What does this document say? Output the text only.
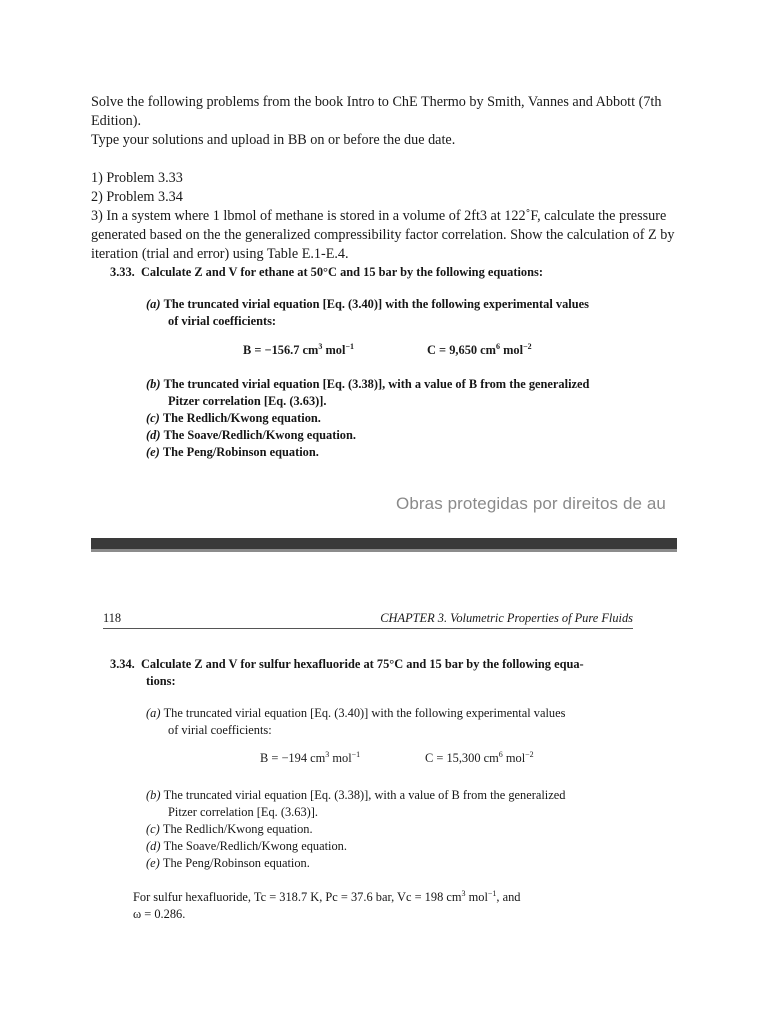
Solve the following problems from the book Intro to ChE Thermo by Smith, Vannes and Abbott (7th Edition).

Type your solutions and upload in BB on or before the due date.

1) Problem 3.33

2) Problem 3.34

3) In a system where 1 lbmol of methane is stored in a volume of 2ft3 at 122˚F, calculate the pressure generated based on the the generalized compressibility factor correlation. Show the calculation of Z by iteration (trial and error) using Table E.1-E.4.

3.33. Calculate Z and V for ethane at 50°C and 15 bar by the following equations:
(a) The truncated virial equation [Eq. (3.40)] with the following experimental values
of virial coefficients:
B = −156.7 $cm^3$ mol$^{-1}$	C = 9,650 $cm^6$ mol$^{-2}$
(b) The truncated virial equation [Eq. (3.38)], with a value of B from the generalized
Pitzer correlation [Eq. (3.63)].
(c) The Redlich/Kwong equation.
(d) The Soave/Redlich/Kwong equation.
(e) The Peng/Robinson equation.
Obras protegidas por direitos de au
118	CHAPTER 3. Volumetric Properties of Pure Fluids
3.34. Calculate Z and V for sulfur hexafluoride at 75°C and 15 bar by the following equa-
tions:
(a) The truncated virial equation [Eq. (3.40)] with the following experimental values
of virial coefficients:
B = −194 $cm^3$ mol$^{-1}$	C = 15,300 $cm^6$ mol$^{-2}$
(b) The truncated virial equation [Eq. (3.38)], with a value of B from the generalized
Pitzer correlation [Eq. (3.63)].
(c) The Redlich/Kwong equation.
(d) The Soave/Redlich/Kwong equation.
(e) The Peng/Robinson equation.
For sulfur hexafluoride, Tc = 318.7 K, Pc = 37.6 bar, Vc = 198 $cm^3$ mol$^{-1}$, and
ω = 0.286.
